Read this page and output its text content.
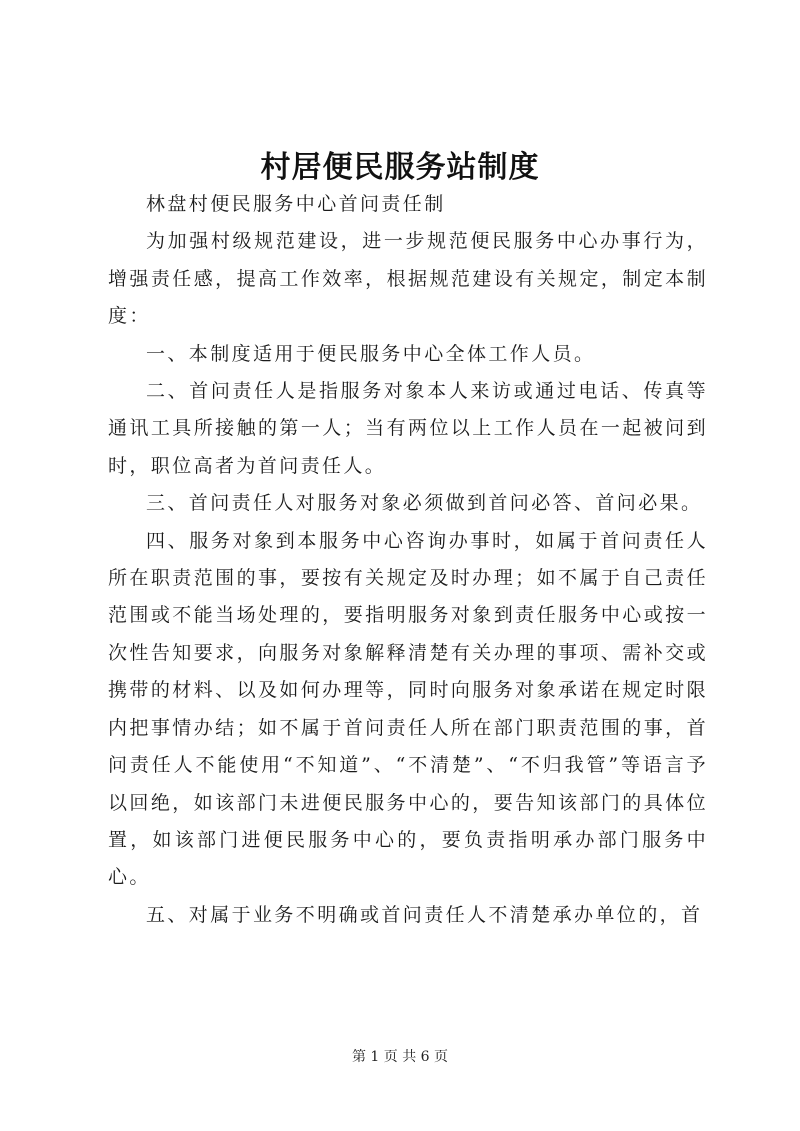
村居便民服务站制度

林盘村便民服务中心首问责任制

为加强村级规范建设，进一步规范便民服务中心办事行为，增强责任感，提高工作效率，根据规范建设有关规定，制定本制度：

一、本制度适用于便民服务中心全体工作人员。

二、首问责任人是指服务对象本人来访或通过电话、传真等通讯工具所接触的第一人；当有两位以上工作人员在一起被问到时，职位高者为首问责任人。

三、首问责任人对服务对象必须做到首问必答、首问必果。

四、服务对象到本服务中心咨询办事时，如属于首问责任人所在职责范围的事，要按有关规定及时办理；如不属于自己责任范围或不能当场处理的，要指明服务对象到责任服务中心或按一次性告知要求，向服务对象解释清楚有关办理的事项、需补交或携带的材料、以及如何办理等，同时向服务对象承诺在规定时限内把事情办结；如不属于首问责任人所在部门职责范围的事，首问责任人不能使用“不知道”、“不清楚”、“不归我管”等语言予以回绝，如该部门未进便民服务中心的，要告知该部门的具体位置，如该部门进便民服务中心的，要负责指明承办部门服务中心。

五、对属于业务不明确或首问责任人不清楚承办单位的，首

第 1 页 共 6 页
